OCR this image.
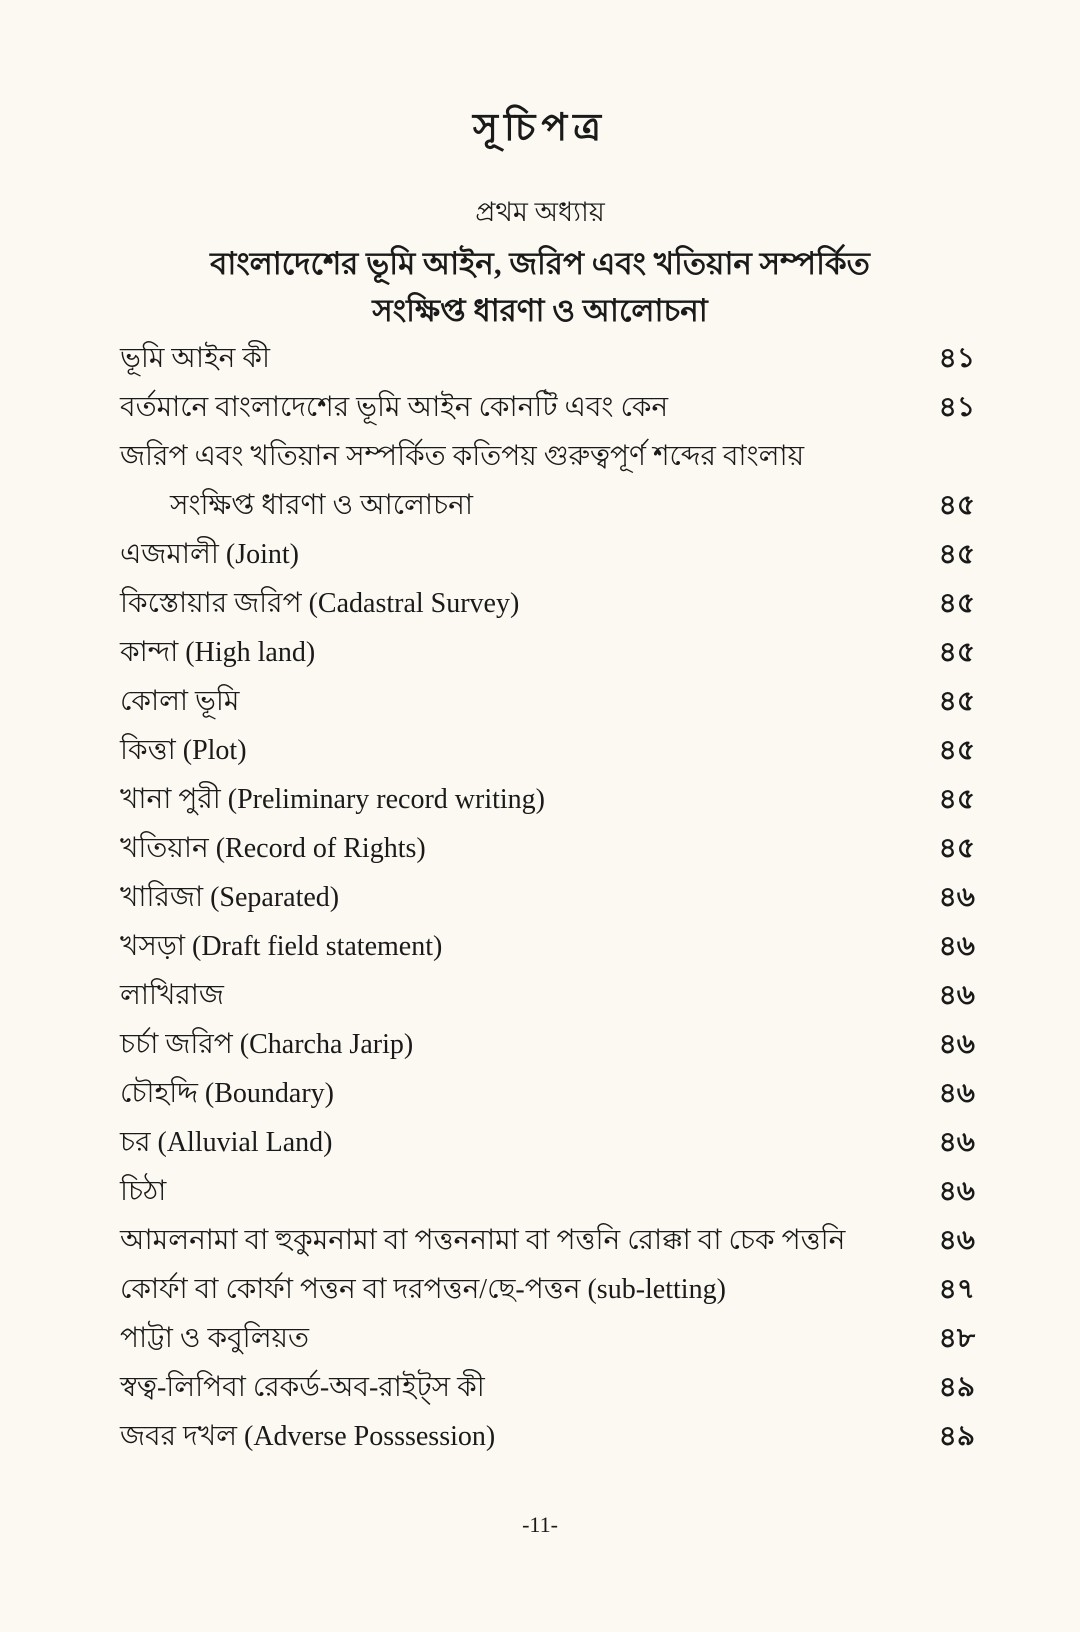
সূচিপত্র
প্রথম অধ্যায়
বাংলাদেশের ভূমি আইন, জরিপ এবং খতিয়ান সম্পর্কিত
সংক্ষিপ্ত ধারণা ও আলোচনা
ভূমি আইন কী	৪১
বর্তমানে বাংলাদেশের ভূমি আইন কোনটি এবং কেন	৪১
জরিপ এবং খতিয়ান সম্পর্কিত কতিপয় গুরুত্বপূর্ণ শব্দের বাংলায়
সংক্ষিপ্ত ধারণা ও আলোচনা	৪৫
এজমালী (Joint)	৪৫
কিস্তোয়ার জরিপ (Cadastral Survey)	৪৫
কান্দা (High land)	৪৫
কোলা ভূমি	৪৫
কিত্তা (Plot)	৪৫
খানা পুরী (Preliminary record writing)	৪৫
খতিয়ান (Record of Rights)	৪৫
খারিজা (Separated)	৪৬
খসড়া (Draft field statement)	৪৬
লাখিরাজ	৪৬
চর্চা জরিপ (Charcha Jarip)	৪৬
চৌহদ্দি (Boundary)	৪৬
চর (Alluvial Land)	৪৬
চিঠা	৪৬
আমলনামা বা হুকুমনামা বা পত্তননামা বা পত্তনি রোক্কা বা চেক পত্তনি	৪৬
কোর্ফা বা কোর্ফা পত্তন বা দরপত্তন/ছে-পত্তন (sub-letting)	৪৭
পাট্টা ও কবুলিয়ত	৪৮
স্বত্ব-লিপিবা রেকর্ড-অব-রাইট্স কী	৪৯
জবর দখল (Adverse Posssession)	৪৯
-11-
